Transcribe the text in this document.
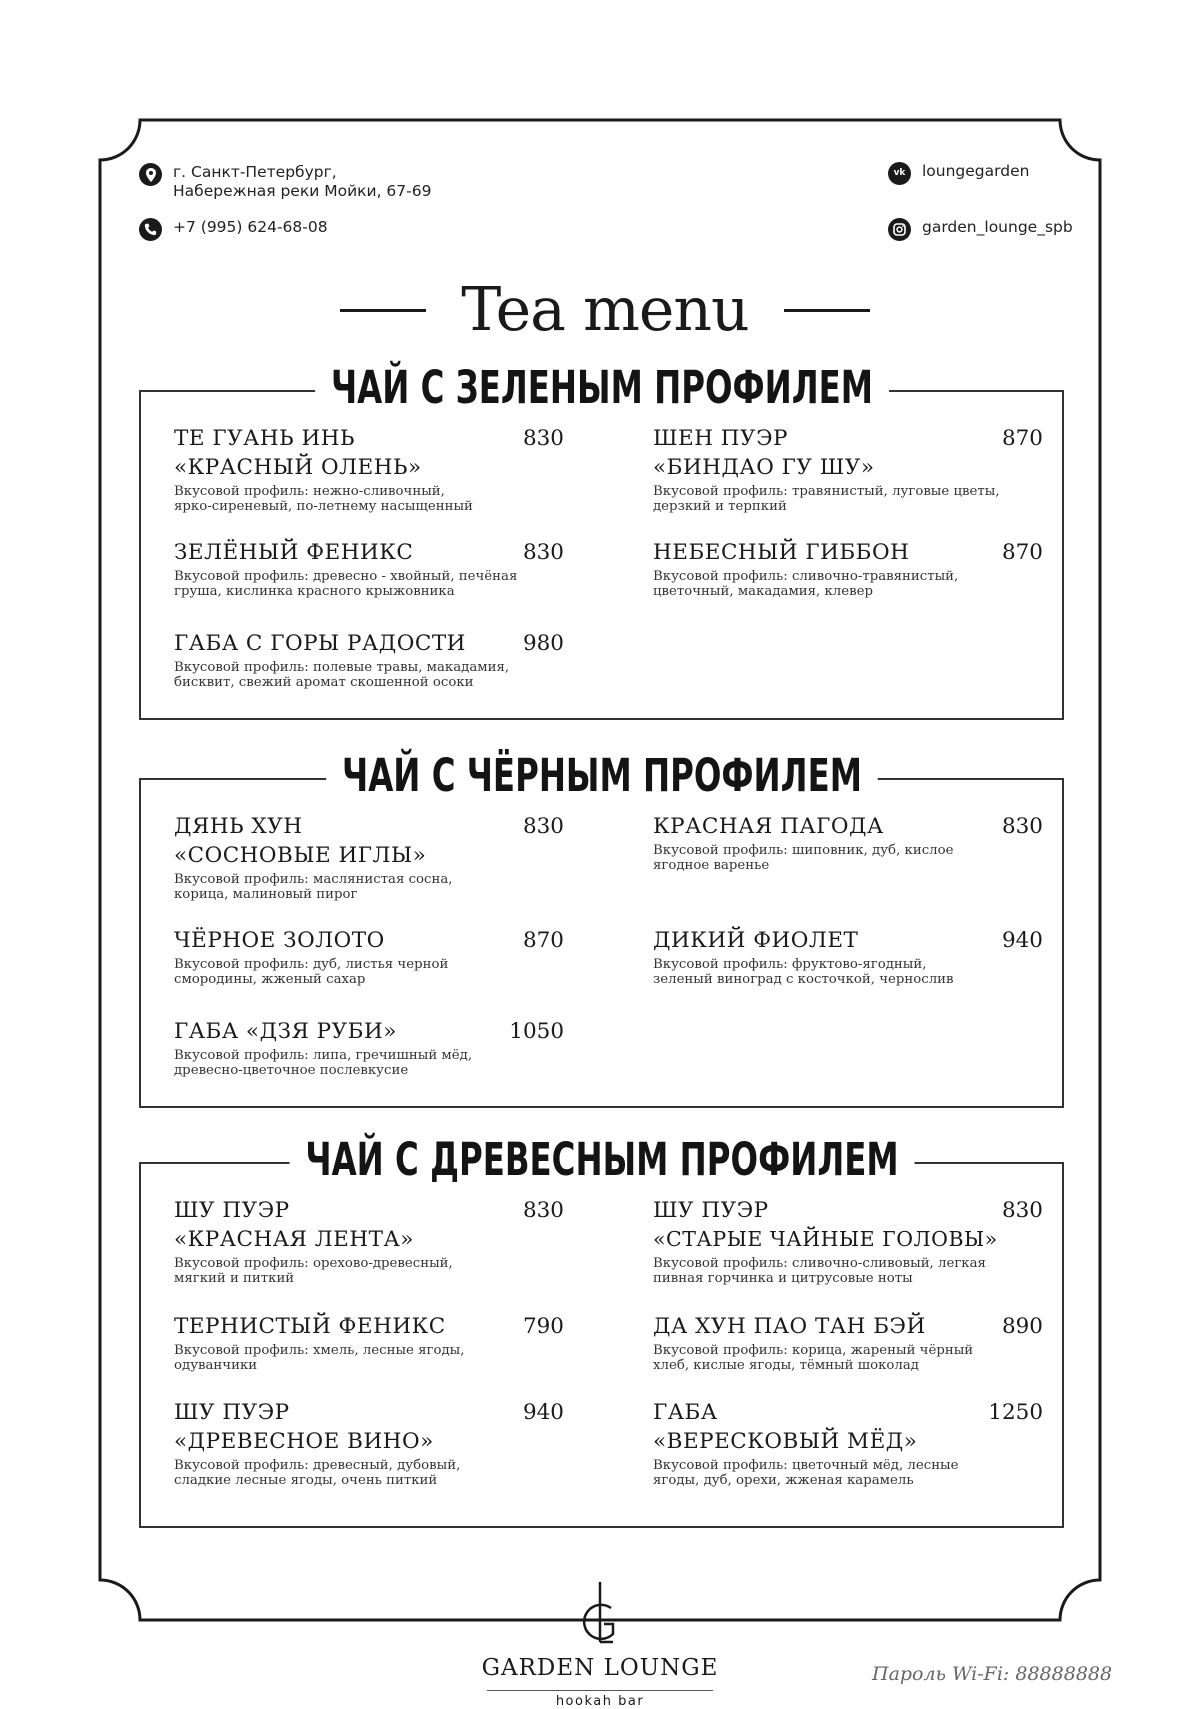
г. Санкт-Петербург,
Набережная реки Мойки, 67-69
+7 (995) 624-68-08
vk	loungegarden
garden_lounge_spb
Tea menu
ЧАЙ С ЗЕЛЕНЫМ ПРОФИЛЕМ
ТЕ ГУАНЬ ИНЬ
«КРАСНЫЙ ОЛЕНЬ»
830
Вкусовой профиль: нежно-сливочный,
ярко-сиреневый, по-летнему насыщенный
ШЕН ПУЭР
«БИНДАО ГУ ШУ»
870
Вкусовой профиль: травянистый, луговые цветы,
дерзкий и терпкий
ЗЕЛЁНЫЙ ФЕНИКС	830
Вкусовой профиль: древесно - хвойный, печёная
груша, кислинка красного крыжовника
НЕБЕСНЫЙ ГИББОН	870
Вкусовой профиль: сливочно-травянистый,
цветочный, макадамия, клевер
ГАБА С ГОРЫ РАДОСТИ	980
Вкусовой профиль: полевые травы, макадамия,
бисквит, свежий аромат скошенной осоки
ЧАЙ С ЧЁРНЫМ ПРОФИЛЕМ
ДЯНЬ ХУН
«СОСНОВЫЕ ИГЛЫ»
830
Вкусовой профиль: маслянистая сосна,
корица, малиновый пирог
КРАСНАЯ ПАГОДА	830
Вкусовой профиль: шиповник, дуб, кислое
ягодное варенье
ЧЁРНОЕ ЗОЛОТО	870
Вкусовой профиль: дуб, листья черной
смородины, жженый сахар
ДИКИЙ ФИОЛЕТ	940
Вкусовой профиль: фруктово-ягодный,
зеленый виноград с косточкой, чернослив
ГАБА «ДЗЯ РУБИ»	1050
Вкусовой профиль: липа, гречишный мёд,
древесно-цветочное послевкусие
ЧАЙ С ДРЕВЕСНЫМ ПРОФИЛЕМ
ШУ ПУЭР
«КРАСНАЯ ЛЕНТА»
830
Вкусовой профиль: орехово-древесный,
мягкий и питкий
ШУ ПУЭР
«СТАРЫЕ ЧАЙНЫЕ ГОЛОВЫ»
830
Вкусовой профиль: сливочно-сливовый, легкая
пивная горчинка и цитрусовые ноты
ТЕРНИСТЫЙ ФЕНИКС	790
Вкусовой профиль: хмель, лесные ягоды,
одуванчики
ДА ХУН ПАО ТАН БЭЙ	890
Вкусовой профиль: корица, жареный чёрный
хлеб, кислые ягоды, тёмный шоколад
ШУ ПУЭР
«ДРЕВЕСНОЕ ВИНО»
940
Вкусовой профиль: древесный, дубовый,
сладкие лесные ягоды, очень питкий
ГАБА
«ВЕРЕСКОВЫЙ МЁД»
1250
Вкусовой профиль: цветочный мёд, лесные
ягоды, дуб, орехи, жженая карамель
GARDEN LOUNGE
hookah bar
Пароль Wi-Fi: 88888888
